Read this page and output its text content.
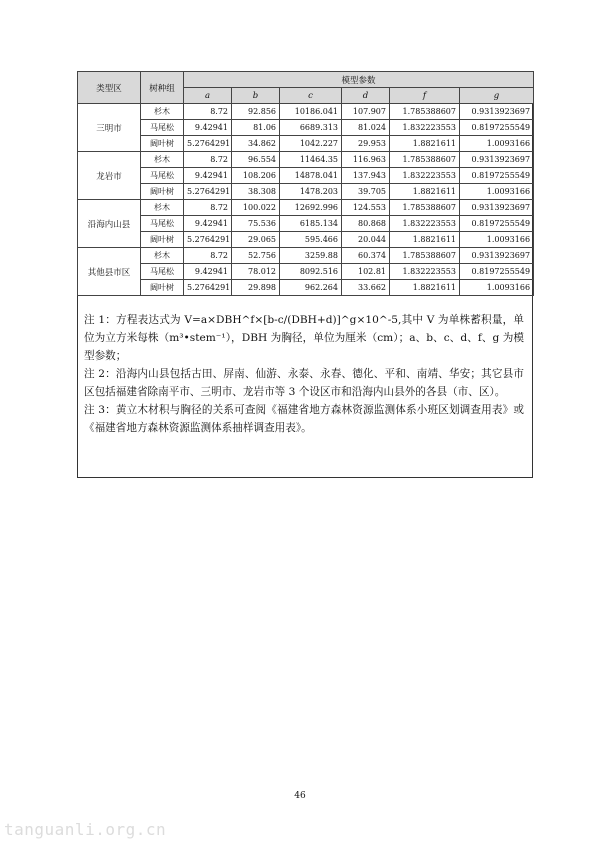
类型区	树种组	模型参数					
		a	b	c	d	f	g
三明市	杉木	8.72	92.856	10186.041	107.907	1.785388607	0.9313923697
	马尾松	9.42941	81.06	6689.313	81.024	1.832223553	0.8197255549
	阔叶树	5.2764291	34.862	1042.227	29.953	1.8821611	1.0093166
龙岩市	杉木	8.72	96.554	11464.35	116.963	1.785388607	0.9313923697
	马尾松	9.42941	108.206	14878.041	137.943	1.832223553	0.8197255549
	阔叶树	5.2764291	38.308	1478.203	39.705	1.8821611	1.0093166
沿海内山县	杉木	8.72	100.022	12692.996	124.553	1.785388607	0.9313923697
	马尾松	9.42941	75.536	6185.134	80.868	1.832223553	0.8197255549
	阔叶树	5.2764291	29.065	595.466	20.044	1.8821611	1.0093166
其他县市区	杉木	8.72	52.756	3259.88	60.374	1.785388607	0.9313923697
	马尾松	9.42941	78.012	8092.516	102.81	1.832223553	0.8197255549
	阔叶树	5.2764291	29.898	962.264	33.662	1.8821611	1.0093166

注 1：方程表达式为 V=a×DBH^f×[b-c/(DBH+d)]^g×10^-5,其中 V 为单株蓄积量，单位为立方米每株（m³•stem⁻¹），DBH 为胸径，单位为厘米（cm）；a、b、c、d、f、g 为模型参数；

注 2：沿海内山县包括古田、屏南、仙游、永泰、永春、德化、平和、南靖、华安；其它县市区包括福建省除南平市、三明市、龙岩市等 3 个设区市和沿海内山县外的各县（市、区）。

注 3：黄立木材积与胸径的关系可查阅《福建省地方森林资源监测体系小班区划调查用表》或《福建省地方森林资源监测体系抽样调查用表》。

46
tanguanli.org.cn
